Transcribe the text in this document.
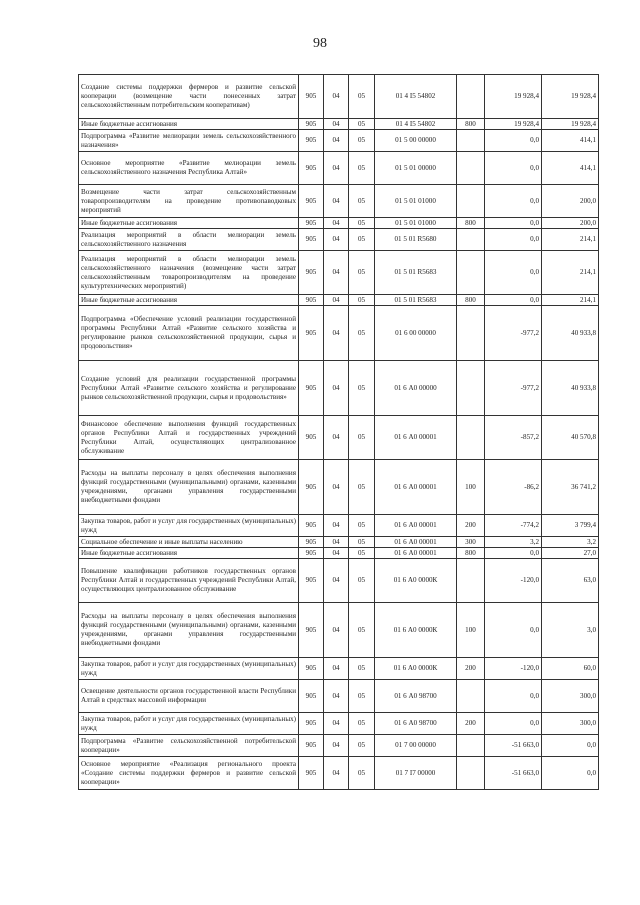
98
Создание системы поддержки фермеров и развитие сельской кооперации (возмещение части понесенных затрат сельскохозяйственным потребительским кооперативам)	905	04	05	01 4 I5 54802		19 928,4	19 928,4
Иные бюджетные ассигнования	905	04	05	01 4 I5 54802	800	19 928,4	19 928,4
Подпрограмма «Развитие мелиорации земель сельскохозяйственного назначения»	905	04	05	01 5 00 00000		0,0	414,1
Основное мероприятие «Развитие мелиорации земель сельскохозяйственного назначения Республика Алтай»	905	04	05	01 5 01 00000		0,0	414,1
Возмещение части затрат сельскохозяйственным товаропроизводителям на проведение противопаводковых мероприятий	905	04	05	01 5 01 01000		0,0	200,0
Иные бюджетные ассигнования	905	04	05	01 5 01 01000	800	0,0	200,0
Реализация мероприятий в области мелиорации земель сельскохозяйственного назначения	905	04	05	01 5 01 R5680		0,0	214,1
Реализация мероприятий в области мелиорации земель сельскохозяйственного назначения (возмещение части затрат сельскохозяйственным товаропроизводителям на проведение культуртехнических мероприятий)	905	04	05	01 5 01 R5683		0,0	214,1
Иные бюджетные ассигнования	905	04	05	01 5 01 R5683	800	0,0	214,1
Подпрограмма «Обеспечение условий реализации государственной программы Республики Алтай «Развитие сельского хозяйства и регулирование рынков сельскохозяйственной продукции, сырья и продовольствия»	905	04	05	01 6 00 00000		-977,2	40 933,8
Создание условий для реализации государственной программы Республики Алтай «Развитие сельского хозяйства и регулирование рынков сельскохозяйственной продукции, сырья и продовольствия»	905	04	05	01 6 А0 00000		-977,2	40 933,8
Финансовое обеспечение выполнения функций государственных органов Республики Алтай и государственных учреждений Республики Алтай, осуществляющих централизованное обслуживание	905	04	05	01 6 А0 00001		-857,2	40 570,8
Расходы на выплаты персоналу в целях обеспечения выполнения функций государственными (муниципальными) органами, казенными учреждениями, органами управления государственными внебюджетными фондами	905	04	05	01 6 А0 00001	100	-86,2	36 741,2
Закупка товаров, работ и услуг для государственных (муниципальных) нужд	905	04	05	01 6 А0 00001	200	-774,2	3 799,4
Социальное обеспечение и иные выплаты населению	905	04	05	01 6 А0 00001	300	3,2	3,2
Иные бюджетные ассигнования	905	04	05	01 6 А0 00001	800	0,0	27,0
Повышение квалификации работников государственных органов Республики Алтай и государственных учреждений Республики Алтай, осуществляющих централизованное обслуживание	905	04	05	01 6 А0 0000К		-120,0	63,0
Расходы на выплаты персоналу в целях обеспечения выполнения функций государственными (муниципальными) органами, казенными учреждениями, органами управления государственными внебюджетными фондами	905	04	05	01 6 А0 0000К	100	0,0	3,0
Закупка товаров, работ и услуг для государственных (муниципальных) нужд	905	04	05	01 6 А0 0000К	200	-120,0	60,0
Освещение деятельности органов государственной власти Республики Алтай в средствах массовой информации	905	04	05	01 6 А0 98700		0,0	300,0
Закупка товаров, работ и услуг для государственных (муниципальных) нужд	905	04	05	01 6 А0 98700	200	0,0	300,0
Подпрограмма «Развитие сельскохозяйственной потребительской кооперации»	905	04	05	01 7 00 00000		-51 663,0	0,0
Основное мероприятие «Реализация регионального проекта «Создание системы поддержки фермеров и развитие сельской кооперации»	905	04	05	01 7 I7 00000		-51 663,0	0,0
